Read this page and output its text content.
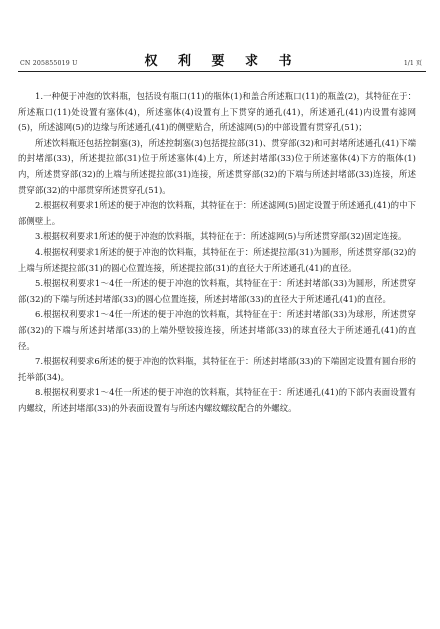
CN 205855019 U	权 利 要 求 书	1/1 页

1.一种便于冲泡的饮料瓶，包括设有瓶口(11)的瓶体(1)和盖合所述瓶口(11)的瓶盖(2)，其特征在于：所述瓶口(11)处设置有塞体(4)，所述塞体(4)设置有上下贯穿的通孔(41)，所述通孔(41)内设置有滤网(5)，所述滤网(5)的边缘与所述通孔(41)的侧壁贴合，所述滤网(5)的中部设置有贯穿孔(51)；

所述饮料瓶还包括控制塞(3)，所述控制塞(3)包括提拉部(31)、贯穿部(32)和可封堵所述通孔(41)下端的封堵部(33)，所述提拉部(31)位于所述塞体(4)上方，所述封堵部(33)位于所述塞体(4)下方的瓶体(1)内，所述贯穿部(32)的上端与所述提拉部(31)连接，所述贯穿部(32)的下端与所述封堵部(33)连接，所述贯穿部(32)的中部贯穿所述贯穿孔(51)。

2.根据权利要求1所述的便于冲泡的饮料瓶，其特征在于：所述滤网(5)固定设置于所述通孔(41)的中下部侧壁上。

3.根据权利要求1所述的便于冲泡的饮料瓶，其特征在于：所述滤网(5)与所述贯穿部(32)固定连接。

4.根据权利要求1所述的便于冲泡的饮料瓶，其特征在于：所述提拉部(31)为圆形，所述贯穿部(32)的上端与所述提拉部(31)的圆心位置连接，所述提拉部(31)的直径大于所述通孔(41)的直径。

5.根据权利要求1～4任一所述的便于冲泡的饮料瓶，其特征在于：所述封堵部(33)为圆形，所述贯穿部(32)的下端与所述封堵部(33)的圆心位置连接，所述封堵部(33)的直径大于所述通孔(41)的直径。

6.根据权利要求1～4任一所述的便于冲泡的饮料瓶，其特征在于：所述封堵部(33)为球形，所述贯穿部(32)的下端与所述封堵部(33)的上端外壁铰接连接，所述封堵部(33)的球直径大于所述通孔(41)的直径。

7.根据权利要求6所述的便于冲泡的饮料瓶，其特征在于：所述封堵部(33)的下端固定设置有圆台形的托举部(34)。

8.根据权利要求1～4任一所述的便于冲泡的饮料瓶，其特征在于：所述通孔(41)的下部内表面设置有内螺纹，所述封堵部(33)的外表面设置有与所述内螺纹螺纹配合的外螺纹。
